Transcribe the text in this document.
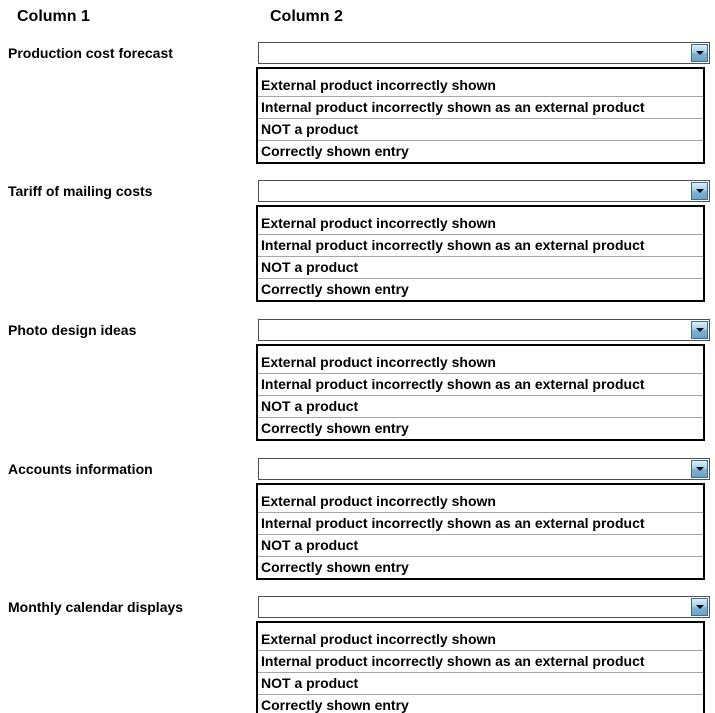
Column 1	Column 2
Production cost forecast
External product incorrectly shown
Internal product incorrectly shown as an external product
NOT a product
Correctly shown entry
Tariff of mailing costs
External product incorrectly shown
Internal product incorrectly shown as an external product
NOT a product
Correctly shown entry
Photo design ideas
External product incorrectly shown
Internal product incorrectly shown as an external product
NOT a product
Correctly shown entry
Accounts information
External product incorrectly shown
Internal product incorrectly shown as an external product
NOT a product
Correctly shown entry
Monthly calendar displays
External product incorrectly shown
Internal product incorrectly shown as an external product
NOT a product
Correctly shown entry
